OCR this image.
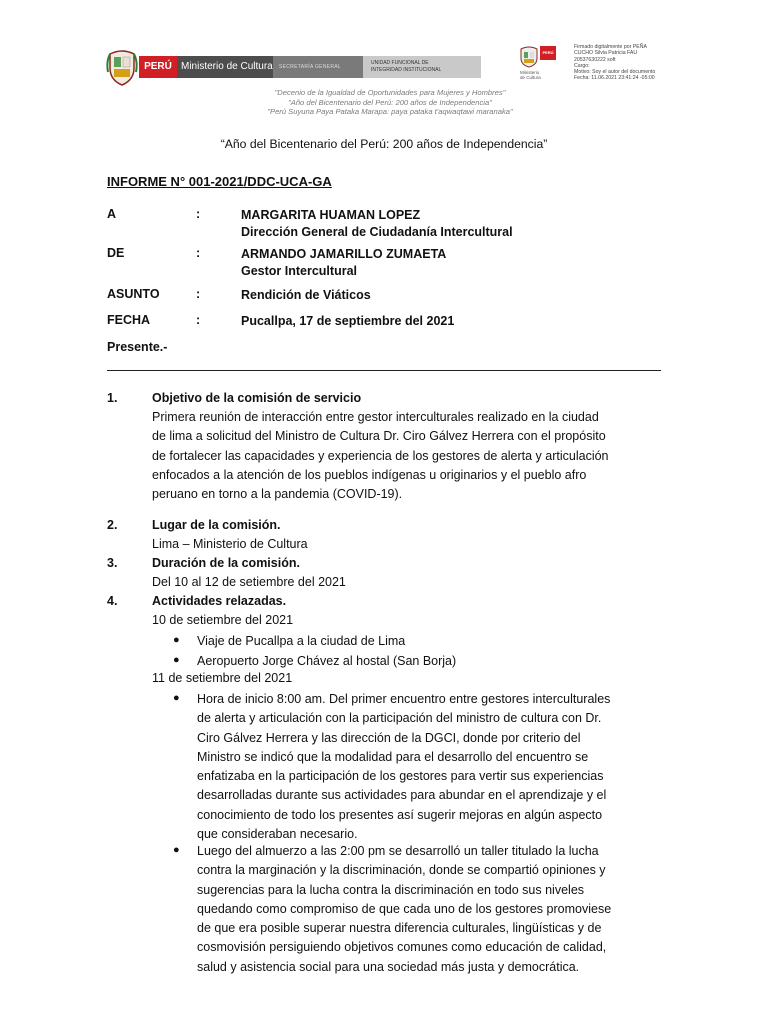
PERÚ Ministerio de Cultura	SECRETARÍA GENERAL
UNIDAD FUNCIONAL DE
INTEGRIDAD INSTITUCIONAL
PERÚ
Ministerio
de Cultura
Firmado digitalmente por PEÑA
CUCHO Silvia Patricia FAU
20537630222 soft
Cargo:
Motivo: Soy el autor del documento
Fecha: 11.06.2021 23:41:24 -05:00
"Decenio de la Igualdad de Oportunidades para Mujeres y Hombres"
"Año del Bicentenario del Perú: 200 años de Independencia"
"Perú Suyuna Paya Pataka Marapa: paya pataka t'aqwaqtawi maranaka"
“Año del Bicentenario del Perú: 200 años de Independencia”
INFORME N° 001-2021/DDC-UCA-GA
A	:	MARGARITA HUAMAN LOPEZ
Dirección General de Ciudadanía Intercultural
DE	:	ARMANDO JAMARILLO ZUMAETA
Gestor Intercultural
ASUNTO	:	Rendición de Viáticos
FECHA	:	Pucallpa, 17 de septiembre del 2021
Presente.-
1.	Objetivo de la comisión de servicio
Primera reunión de interacción entre gestor interculturales realizado en la ciudad
de lima a solicitud del Ministro de Cultura Dr. Ciro Gálvez Herrera con el propósito
de fortalecer las capacidades y experiencia de los gestores de alerta y articulación
enfocados a la atención de los pueblos indígenas u originarios y el pueblo afro
peruano en torno a la pandemia (COVID-19).
2.	Lugar de la comisión.
Lima – Ministerio de Cultura
3.	Duración de la comisión.
Del 10 al 12 de setiembre del 2021
4.	Actividades relazadas.
10 de setiembre del 2021
● Viaje de Pucallpa a la ciudad de Lima
● Aeropuerto Jorge Chávez al hostal (San Borja)
11 de setiembre del 2021
● Hora de inicio 8:00 am. Del primer encuentro entre gestores interculturales
de alerta y articulación con la participación del ministro de cultura con Dr.
Ciro Gálvez Herrera y las dirección de la DGCI, donde por criterio del
Ministro se indicó que la modalidad para el desarrollo del encuentro se
enfatizaba en la participación de los gestores para vertir sus experiencias
desarrolladas durante sus actividades para abundar en el aprendizaje y el
conocimiento de todo los presentes así sugerir mejoras en algún aspecto
que consideraban necesario.
● Luego del almuerzo a las 2:00 pm se desarrolló un taller titulado la lucha
contra la marginación y la discriminación, donde se compartió opiniones y
sugerencias para la lucha contra la discriminación en todo sus niveles
quedando como compromiso de que cada uno de los gestores promoviese
de que era posible superar nuestra diferencia culturales, lingüísticas y de
cosmovisión persiguiendo objetivos comunes como educación de calidad,
salud y asistencia social para una sociedad más justa y democrática.
